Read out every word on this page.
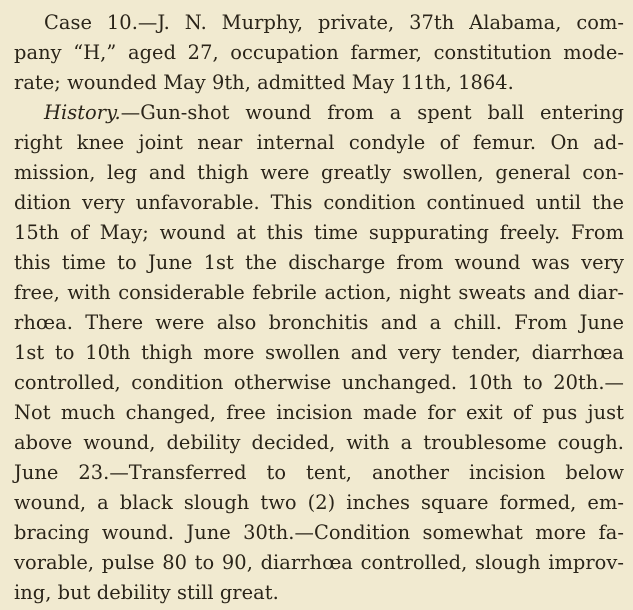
Case 10.—J. N. Murphy, private, 37th Alabama, com-
pany “H,” aged 27, occupation farmer, constitution mode-
rate; wounded May 9th, admitted May 11th, 1864.
History.—Gun-shot wound from a spent ball entering
right knee joint near internal condyle of femur. On ad-
mission, leg and thigh were greatly swollen, general con-
dition very unfavorable. This condition continued until the
15th of May; wound at this time suppurating freely. From
this time to June 1st the discharge from wound was very
free, with considerable febrile action, night sweats and diar-
rhœa. There were also bronchitis and a chill. From June
1st to 10th thigh more swollen and very tender, diarrhœa
controlled, condition otherwise unchanged. 10th to 20th.—
Not much changed, free incision made for exit of pus just
above wound, debility decided, with a troublesome cough.
June 23.—Transferred to tent, another incision below
wound, a black slough two (2) inches square formed, em-
bracing wound. June 30th.—Condition somewhat more fa-
vorable, pulse 80 to 90, diarrhœa controlled, slough improv-
ing, but debility still great.
